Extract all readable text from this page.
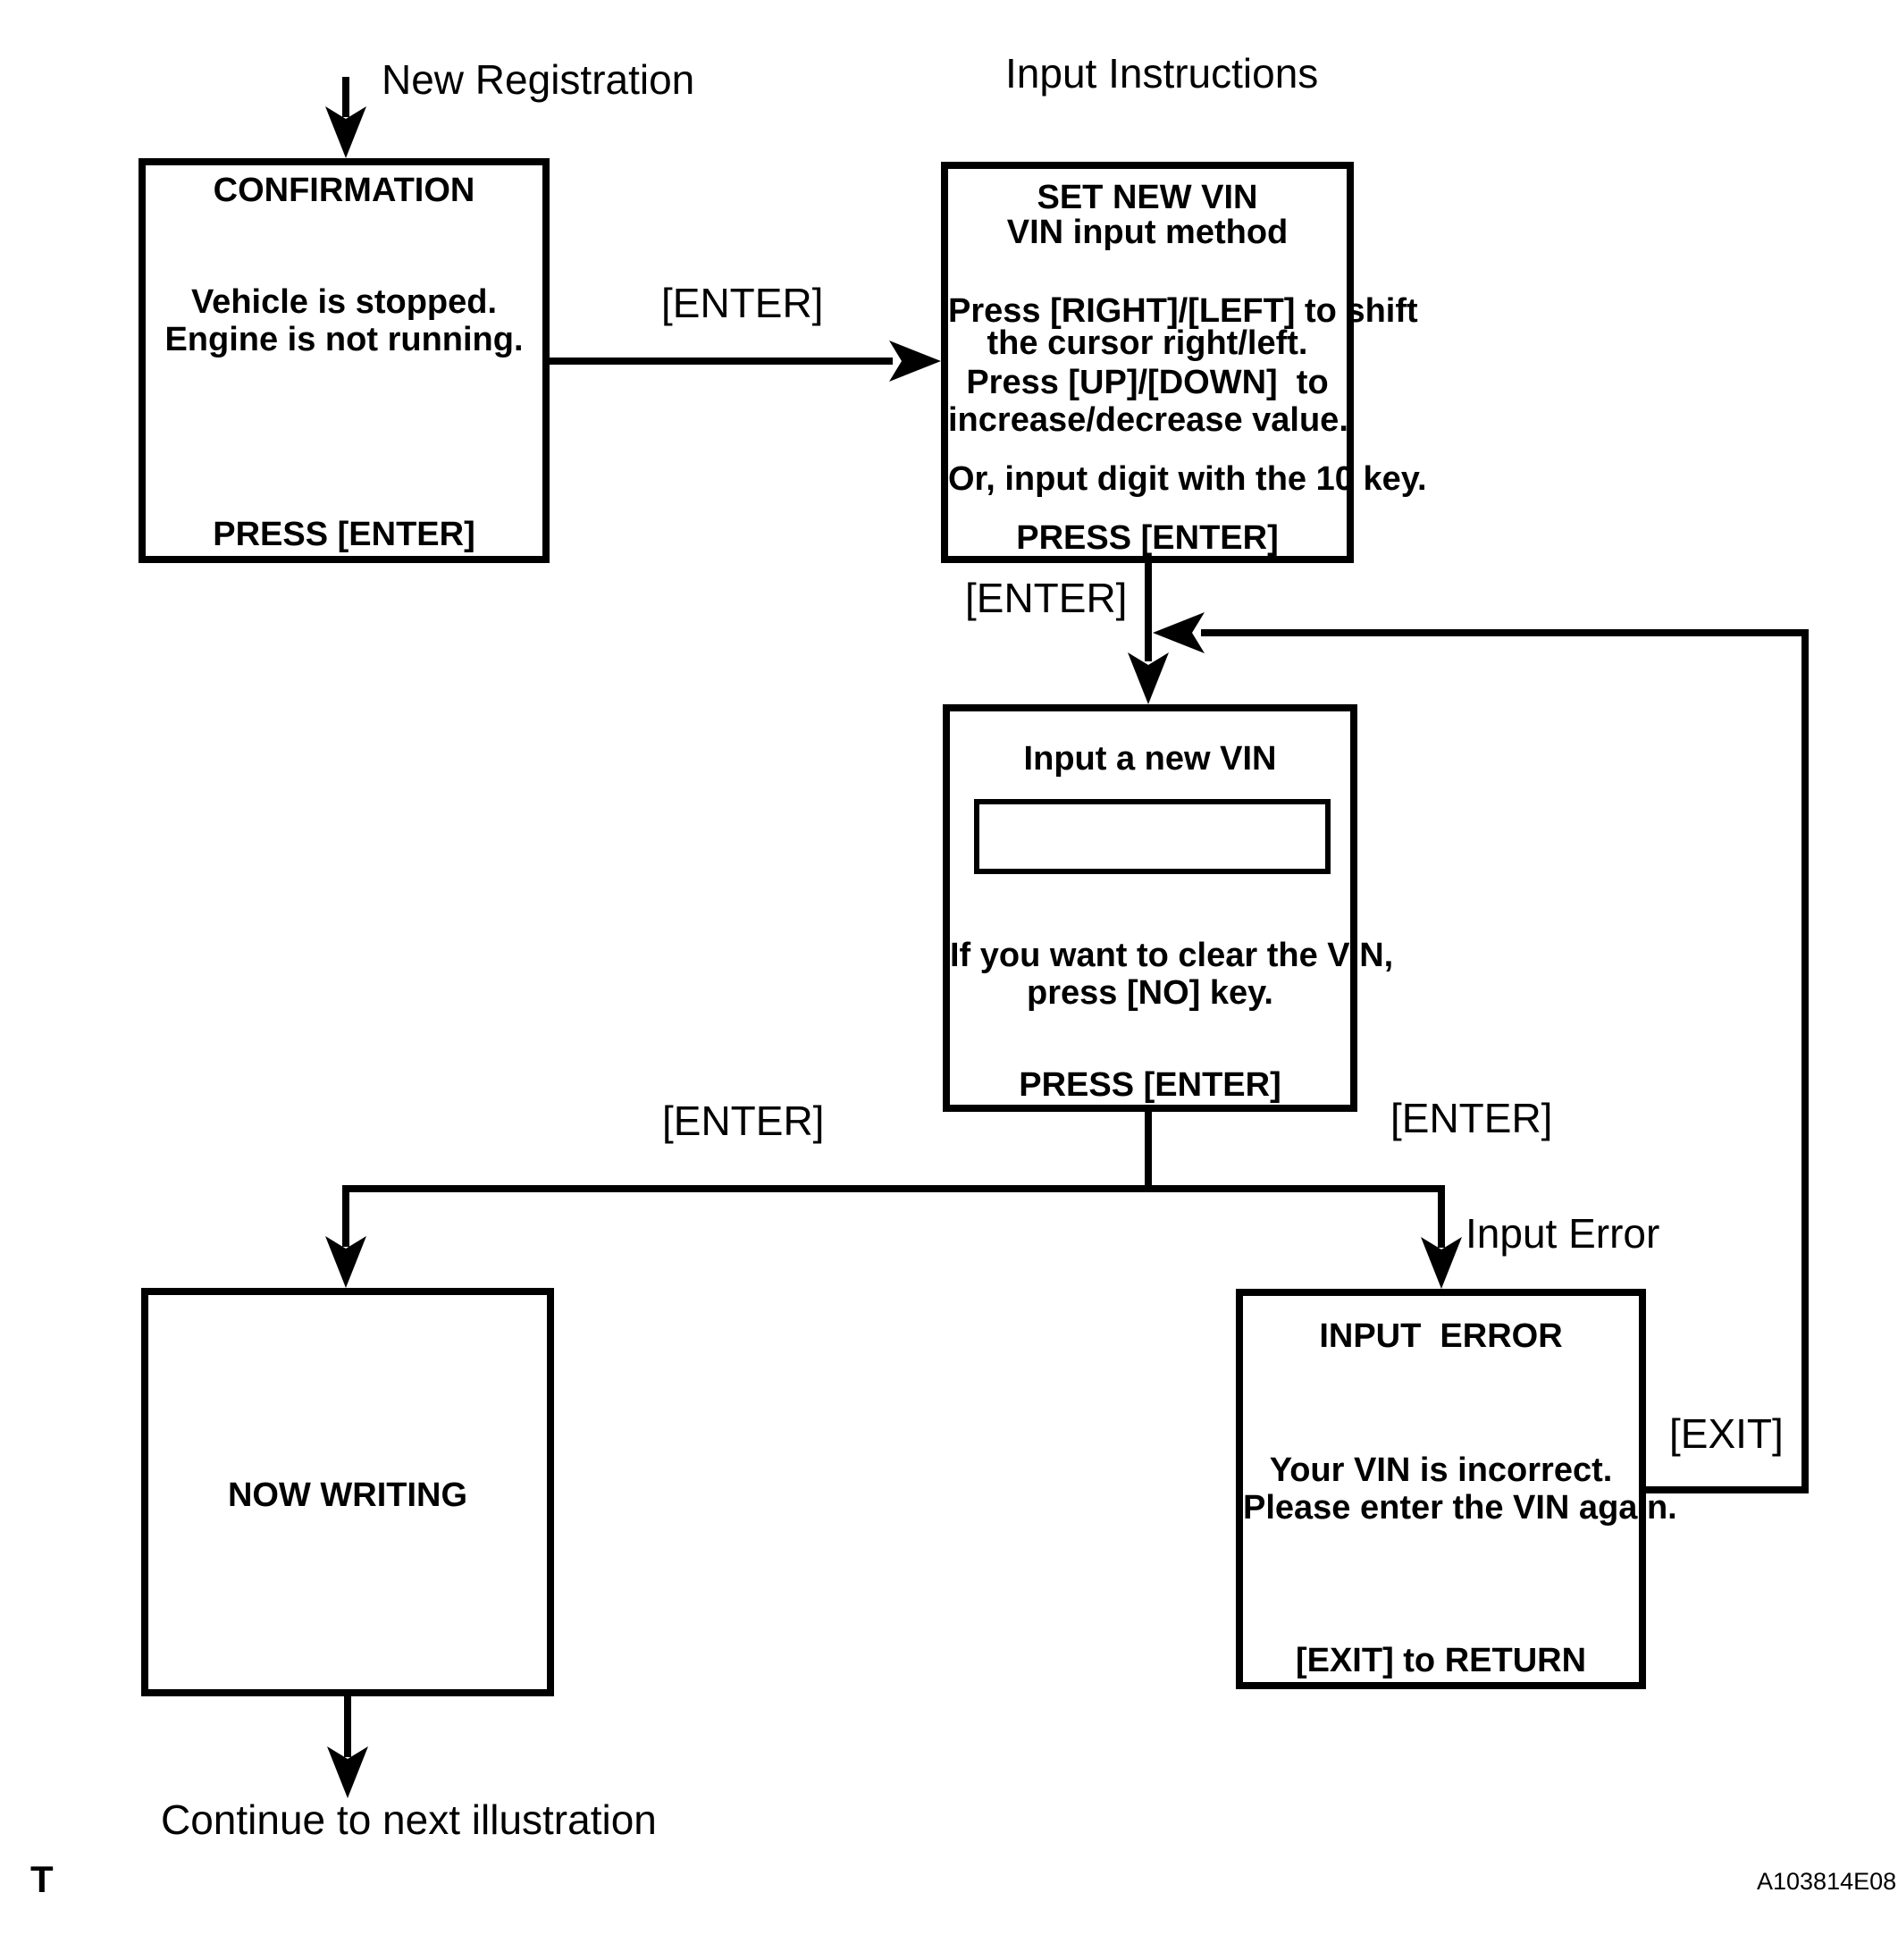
New Registration	Input Instructions
[ENTER]
[ENTER]
[ENTER]	[ENTER]
Input Error
[EXIT]
Continue to next illustration
T	A103814E08
CONFIRMATION
Vehicle is stopped.
Engine is not running.
PRESS [ENTER]
SET NEW VIN
VIN input method
Press [RIGHT]/[LEFT] to shift
the cursor right/left.
Press [UP]/[DOWN]  to
increase/decrease value.
Or, input digit with the 10 key.
PRESS [ENTER]
Input a new VIN
If you want to clear the VIN,
press [NO] key.
PRESS [ENTER]
NOW WRITING
INPUT  ERROR
Your VIN is incorrect.
Please enter the VIN again.
[EXIT] to RETURN
